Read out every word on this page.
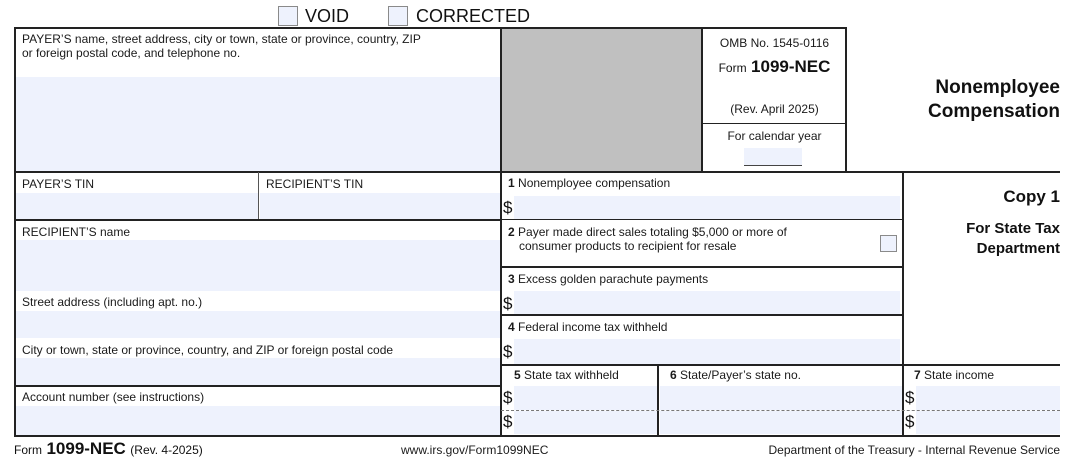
VOID	CORRECTED
PAYER’S name, street address, city or town, state or province, country, ZIP
or foreign postal code, and telephone no.
OMB No. 1545-0116
Form 1099-NEC
(Rev. April 2025)
For calendar year
Nonemployee
Compensation
PAYER’S TIN	RECIPIENT’S TIN
RECIPIENT’S name
Street address (including apt. no.)
City or town, state or province, country, and ZIP or foreign postal code
Account number (see instructions)
1 Nonemployee compensation
$
2 Payer made direct sales totaling $5,000 or more of
consumer products to recipient for resale
3 Excess golden parachute payments
$
4 Federal income tax withheld
$
5 State tax withheld
$
$
6 State/Payer’s state no.	7 State income
$
$
Copy 1
For State Tax
Department
Form 1099-NEC (Rev. 4-2025)	www.irs.gov/Form1099NEC	Department of the Treasury - Internal Revenue Service
